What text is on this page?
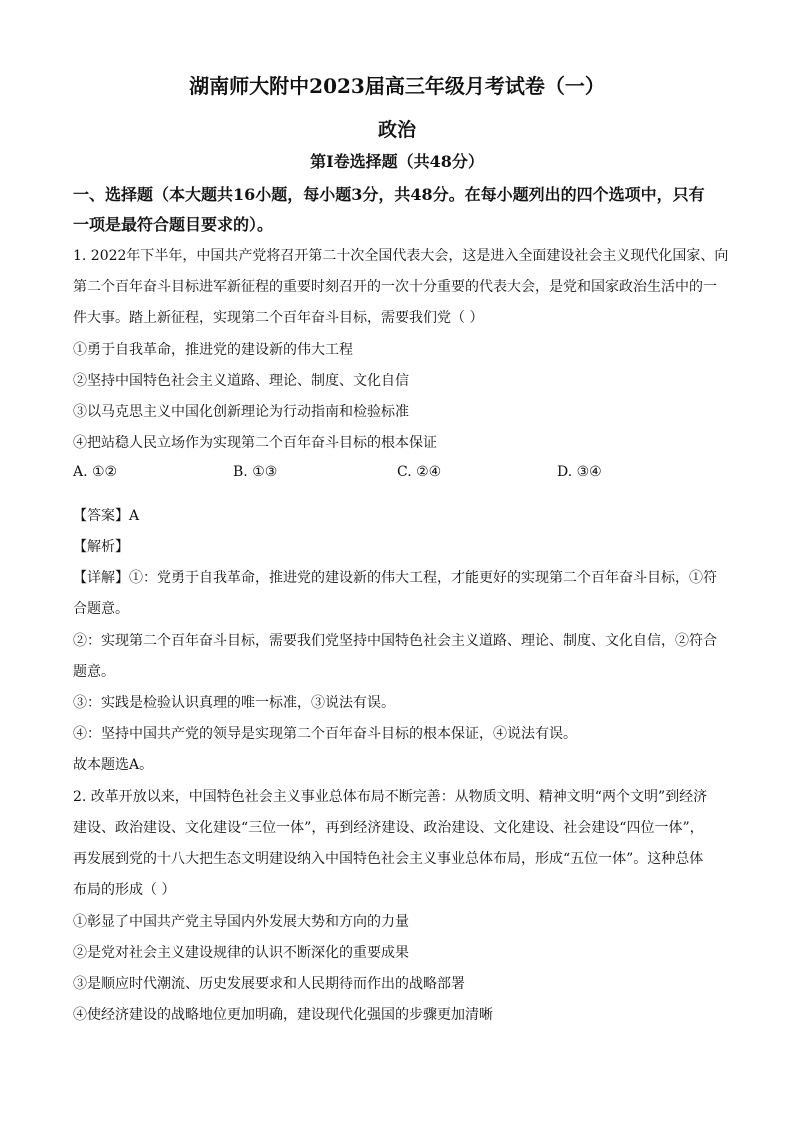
湖南师大附中2023届高三年级月考试卷（一）
政治
第Ⅰ卷选择题（共48分）
一、选择题（本大题共16小题，每小题3分，共48分。在每小题列出的四个选项中，只有
一项是最符合题目要求的）。
1. 2022年下半年，中国共产党将召开第二十次全国代表大会，这是进入全面建设社会主义现代化国家、向
第二个百年奋斗目标进军新征程的重要时刻召开的一次十分重要的代表大会，是党和国家政治生活中的一
件大事。踏上新征程，实现第二个百年奋斗目标，需要我们党（ ）
①勇于自我革命，推进党的建设新的伟大工程
②坚持中国特色社会主义道路、理论、制度、文化自信
③以马克思主义中国化创新理论为行动指南和检验标准
④把站稳人民立场作为实现第二个百年奋斗目标的根本保证
A. ①②	B. ①③	C. ②④	D. ③④
【答案】A
【解析】
【详解】①：党勇于自我革命，推进党的建设新的伟大工程，才能更好的实现第二个百年奋斗目标，①符
合题意。
②：实现第二个百年奋斗目标，需要我们党坚持中国特色社会主义道路、理论、制度、文化自信，②符合
题意。
③：实践是检验认识真理的唯一标准，③说法有误。
④：坚持中国共产党的领导是实现第二个百年奋斗目标的根本保证，④说法有误。
故本题选A。
2. 改革开放以来，中国特色社会主义事业总体布局不断完善：从物质文明、精神文明“两个文明”到经济
建设、政治建设、文化建设“三位一体”，再到经济建设、政治建设、文化建设、社会建设“四位一体”，
再发展到党的十八大把生态文明建设纳入中国特色社会主义事业总体布局，形成“五位一体”。这种总体
布局的形成（ ）
①彰显了中国共产党主导国内外发展大势和方向的力量
②是党对社会主义建设规律的认识不断深化的重要成果
③是顺应时代潮流、历史发展要求和人民期待而作出的战略部署
④使经济建设的战略地位更加明确，建设现代化强国的步骤更加清晰
